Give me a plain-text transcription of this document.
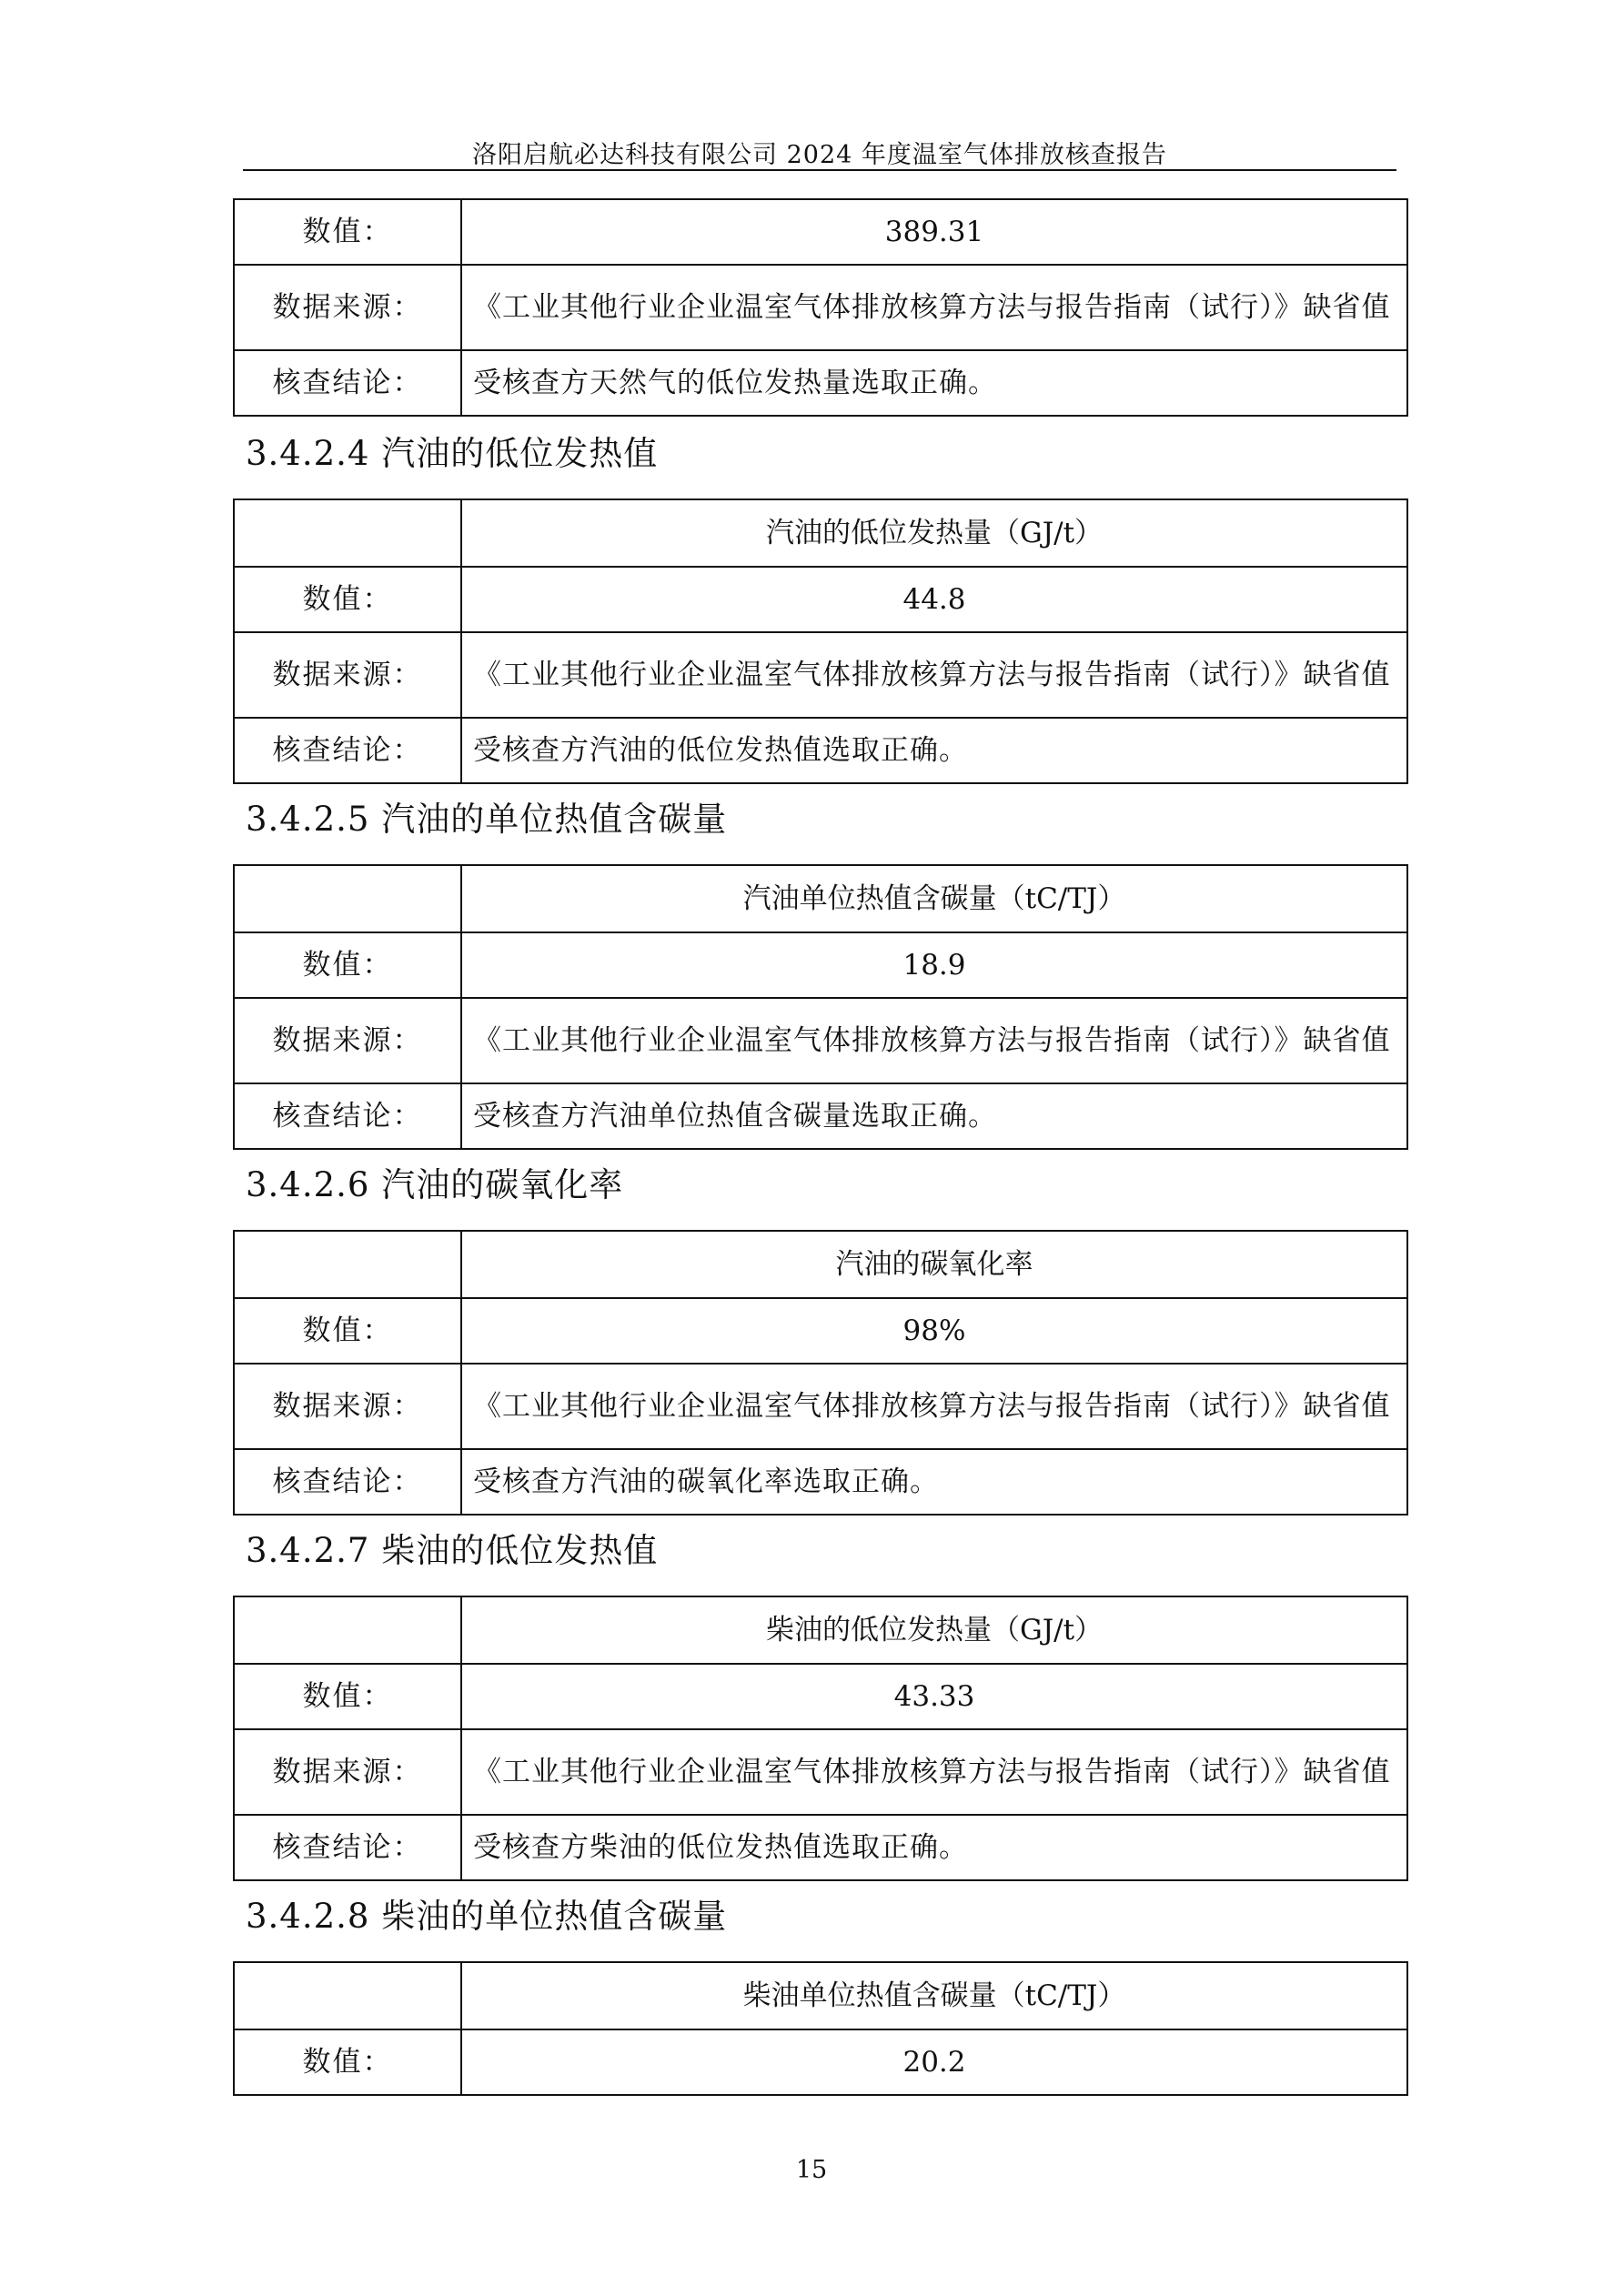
洛阳启航必达科技有限公司 2024 年度温室气体排放核查报告
数值：	389.31
数据来源：	《工业其他行业企业温室气体排放核算方法与报告指南（试行）》缺省值
核查结论：	受核查方天然气的低位发热量选取正确。
3.4.2.4 汽油的低位发热值
	汽油的低位发热量（GJ/t）
数值：	44.8
数据来源：	《工业其他行业企业温室气体排放核算方法与报告指南（试行）》缺省值
核查结论：	受核查方汽油的低位发热值选取正确。
3.4.2.5 汽油的单位热值含碳量
	汽油单位热值含碳量（tC/TJ）
数值：	18.9
数据来源：	《工业其他行业企业温室气体排放核算方法与报告指南（试行）》缺省值
核查结论：	受核查方汽油单位热值含碳量选取正确。
3.4.2.6 汽油的碳氧化率
	汽油的碳氧化率
数值：	98%
数据来源：	《工业其他行业企业温室气体排放核算方法与报告指南（试行）》缺省值
核查结论：	受核查方汽油的碳氧化率选取正确。
3.4.2.7 柴油的低位发热值
	柴油的低位发热量（GJ/t）
数值：	43.33
数据来源：	《工业其他行业企业温室气体排放核算方法与报告指南（试行）》缺省值
核查结论：	受核查方柴油的低位发热值选取正确。
3.4.2.8 柴油的单位热值含碳量
	柴油单位热值含碳量（tC/TJ）
数值：	20.2
15
